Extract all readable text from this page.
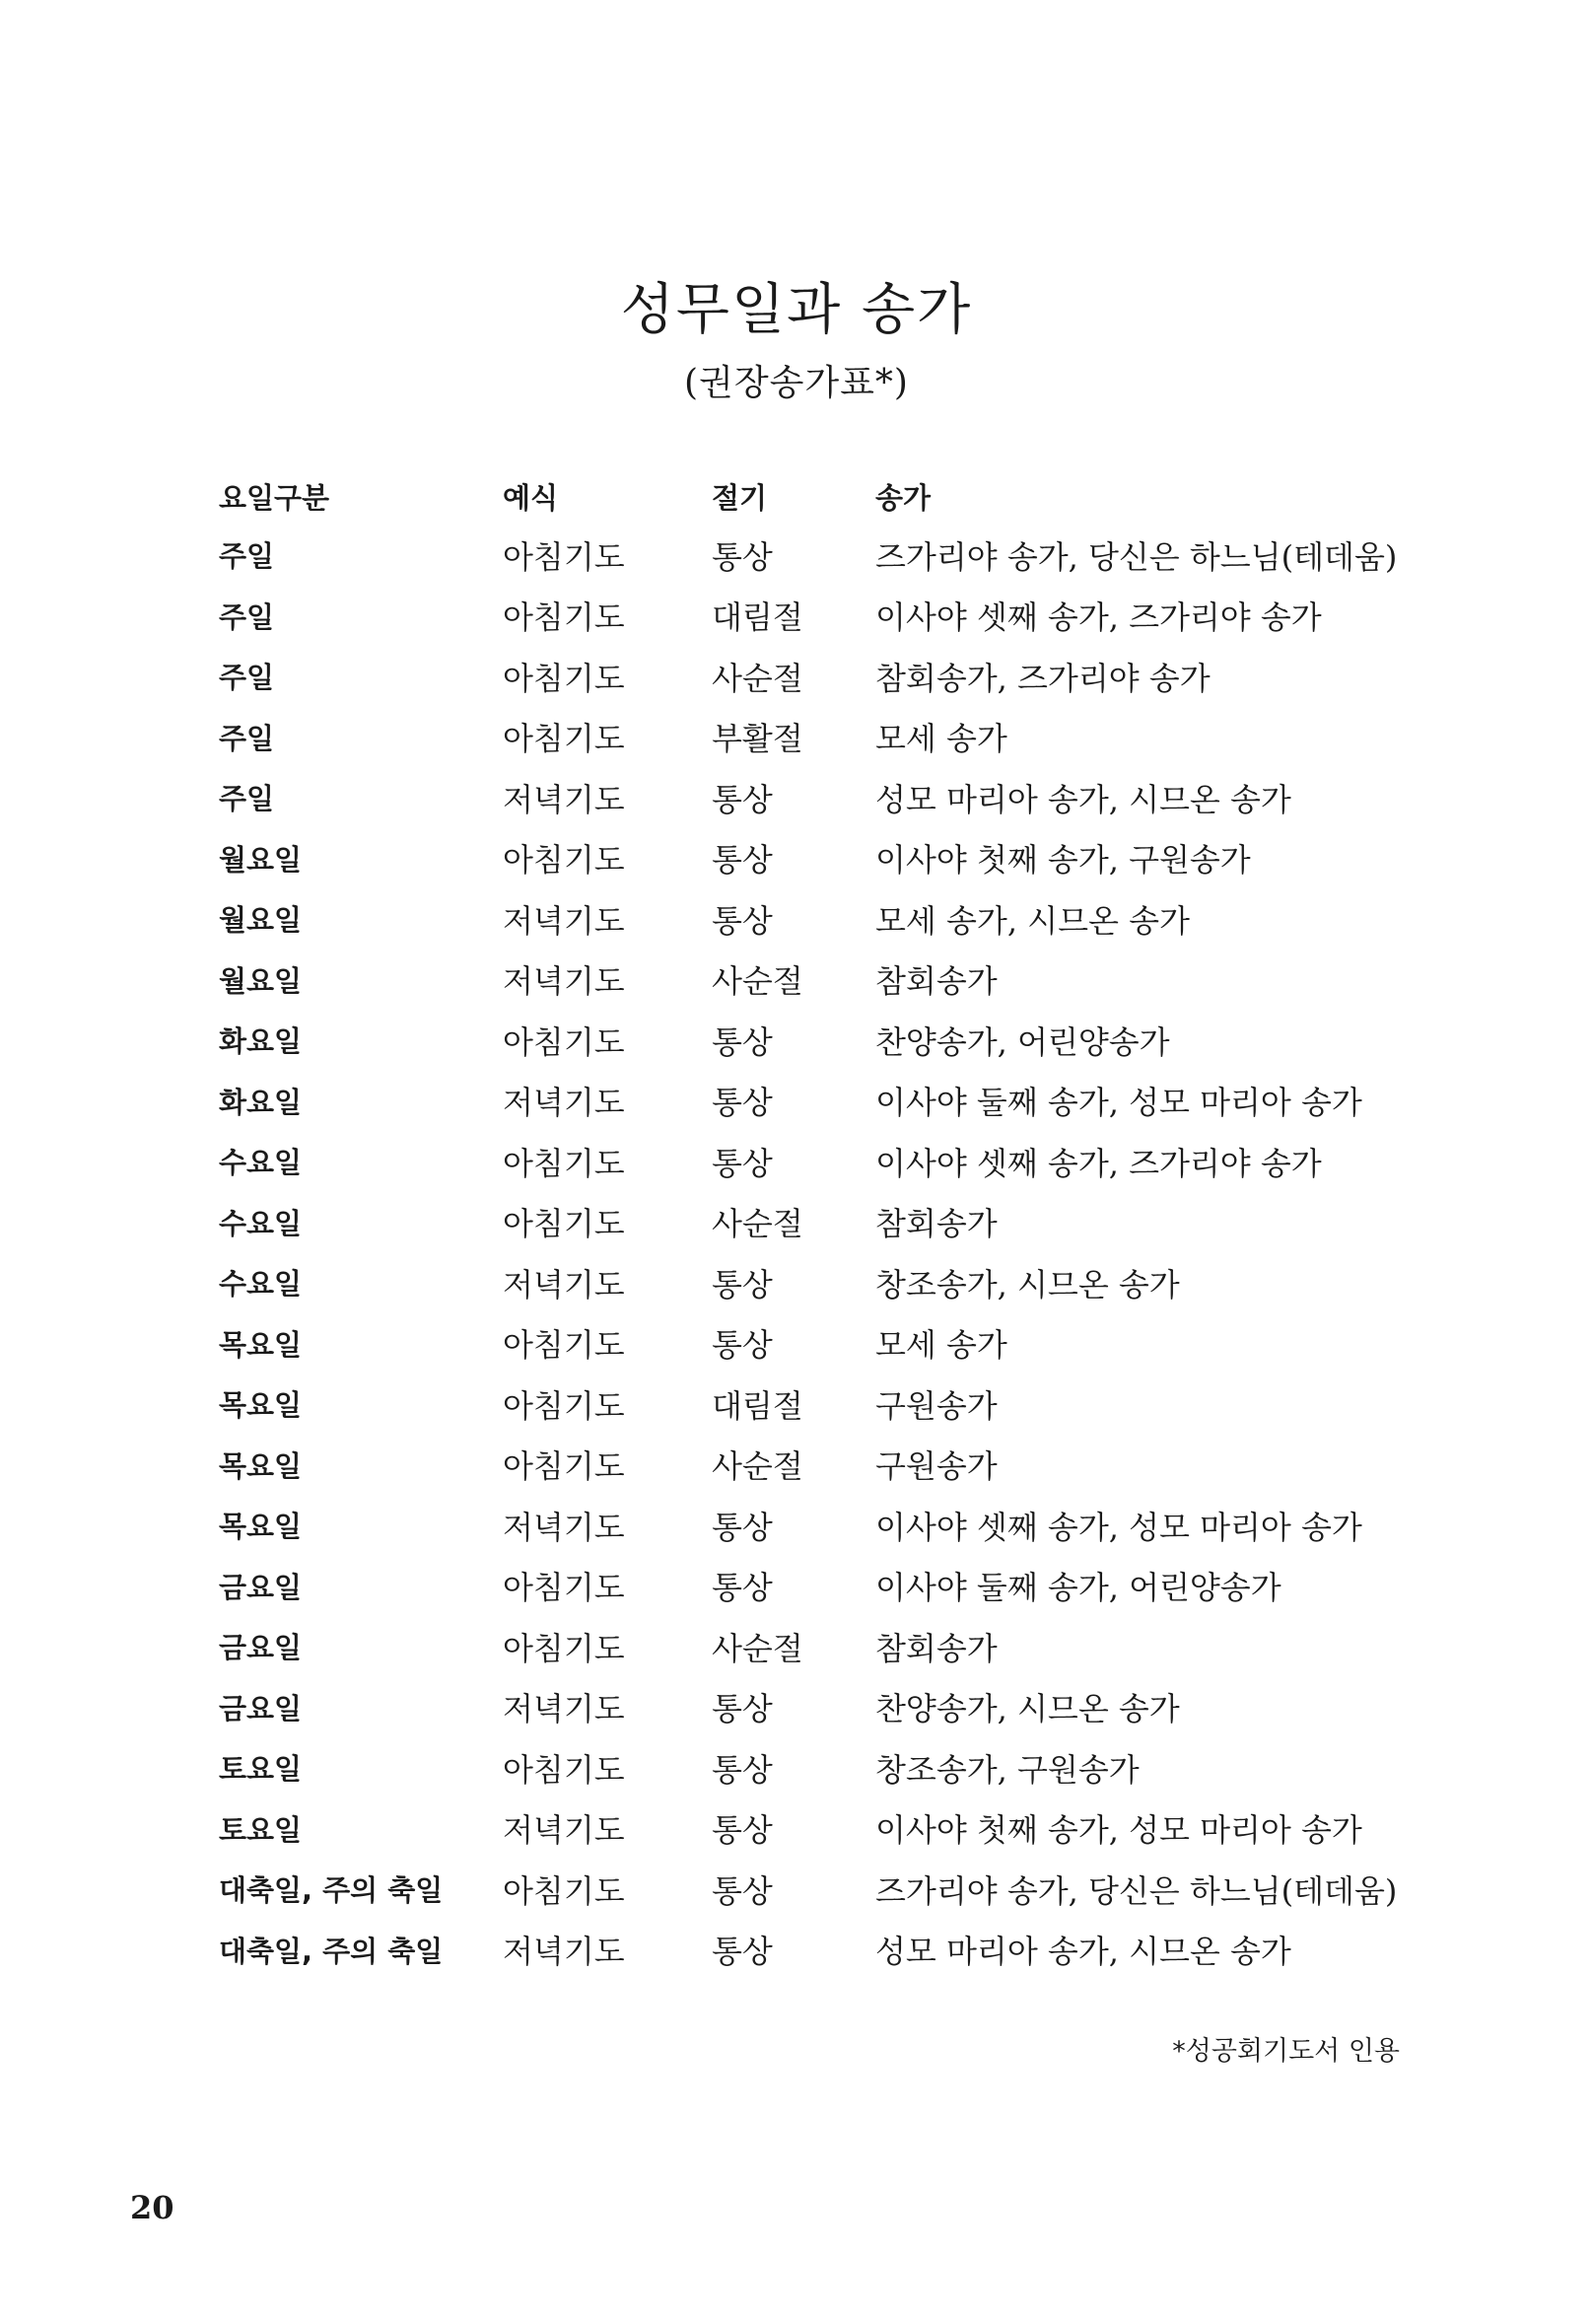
성무일과 송가
(권장송가표*)
요일구분	예식	절기	송가
주일	아침기도	통상	즈가리야 송가, 당신은 하느님(테데움)
주일	아침기도	대림절	이사야 셋째 송가, 즈가리야 송가
주일	아침기도	사순절	참회송가, 즈가리야 송가
주일	아침기도	부활절	모세 송가
주일	저녁기도	통상	성모 마리아 송가, 시므온 송가
월요일	아침기도	통상	이사야 첫째 송가, 구원송가
월요일	저녁기도	통상	모세 송가, 시므온 송가
월요일	저녁기도	사순절	참회송가
화요일	아침기도	통상	찬양송가, 어린양송가
화요일	저녁기도	통상	이사야 둘째 송가, 성모 마리아 송가
수요일	아침기도	통상	이사야 셋째 송가, 즈가리야 송가
수요일	아침기도	사순절	참회송가
수요일	저녁기도	통상	창조송가, 시므온 송가
목요일	아침기도	통상	모세 송가
목요일	아침기도	대림절	구원송가
목요일	아침기도	사순절	구원송가
목요일	저녁기도	통상	이사야 셋째 송가, 성모 마리아 송가
금요일	아침기도	통상	이사야 둘째 송가, 어린양송가
금요일	아침기도	사순절	참회송가
금요일	저녁기도	통상	찬양송가, 시므온 송가
토요일	아침기도	통상	창조송가, 구원송가
토요일	저녁기도	통상	이사야 첫째 송가, 성모 마리아 송가
대축일, 주의 축일	아침기도	통상	즈가리야 송가, 당신은 하느님(테데움)
대축일, 주의 축일	저녁기도	통상	성모 마리아 송가, 시므온 송가
*성공회기도서 인용
20
